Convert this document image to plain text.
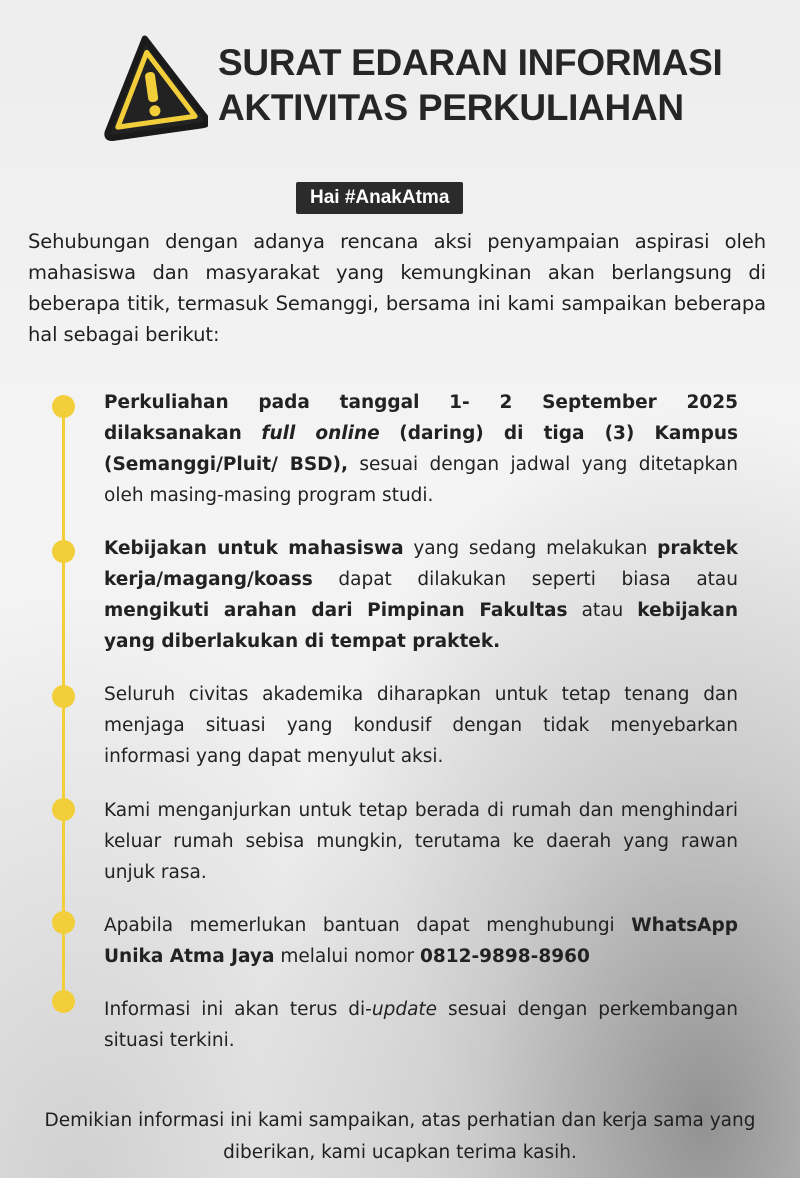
SURAT EDARAN INFORMASI
AKTIVITAS PERKULIAHAN
Hai #AnakAtma

Sehubungan dengan adanya rencana aksi penyampaian aspirasi oleh mahasiswa dan masyarakat yang kemungkinan akan berlangsung di beberapa titik, termasuk Semanggi, bersama ini kami sampaikan beberapa hal sebagai berikut:

Perkuliahan pada tanggal 1- 2 September 2025 dilaksanakan full online (daring) di tiga (3) Kampus (Semanggi/Pluit/ BSD), sesuai dengan jadwal yang ditetapkan oleh masing-masing program studi.

Kebijakan untuk mahasiswa yang sedang melakukan praktek kerja/magang/koass dapat dilakukan seperti biasa atau mengikuti arahan dari Pimpinan Fakultas atau kebijakan yang diberlakukan di tempat praktek.

Seluruh civitas akademika diharapkan untuk tetap tenang dan menjaga situasi yang kondusif dengan tidak menyebarkan informasi yang dapat menyulut aksi.

Kami menganjurkan untuk tetap berada di rumah dan menghindari keluar rumah sebisa mungkin, terutama ke daerah yang rawan unjuk rasa.

Apabila memerlukan bantuan dapat menghubungi WhatsApp Unika Atma Jaya melalui nomor 0812-9898-8960

Informasi ini akan terus di-update sesuai dengan perkembangan situasi terkini.

Demikian informasi ini kami sampaikan, atas perhatian dan kerja sama yang diberikan, kami ucapkan terima kasih.
